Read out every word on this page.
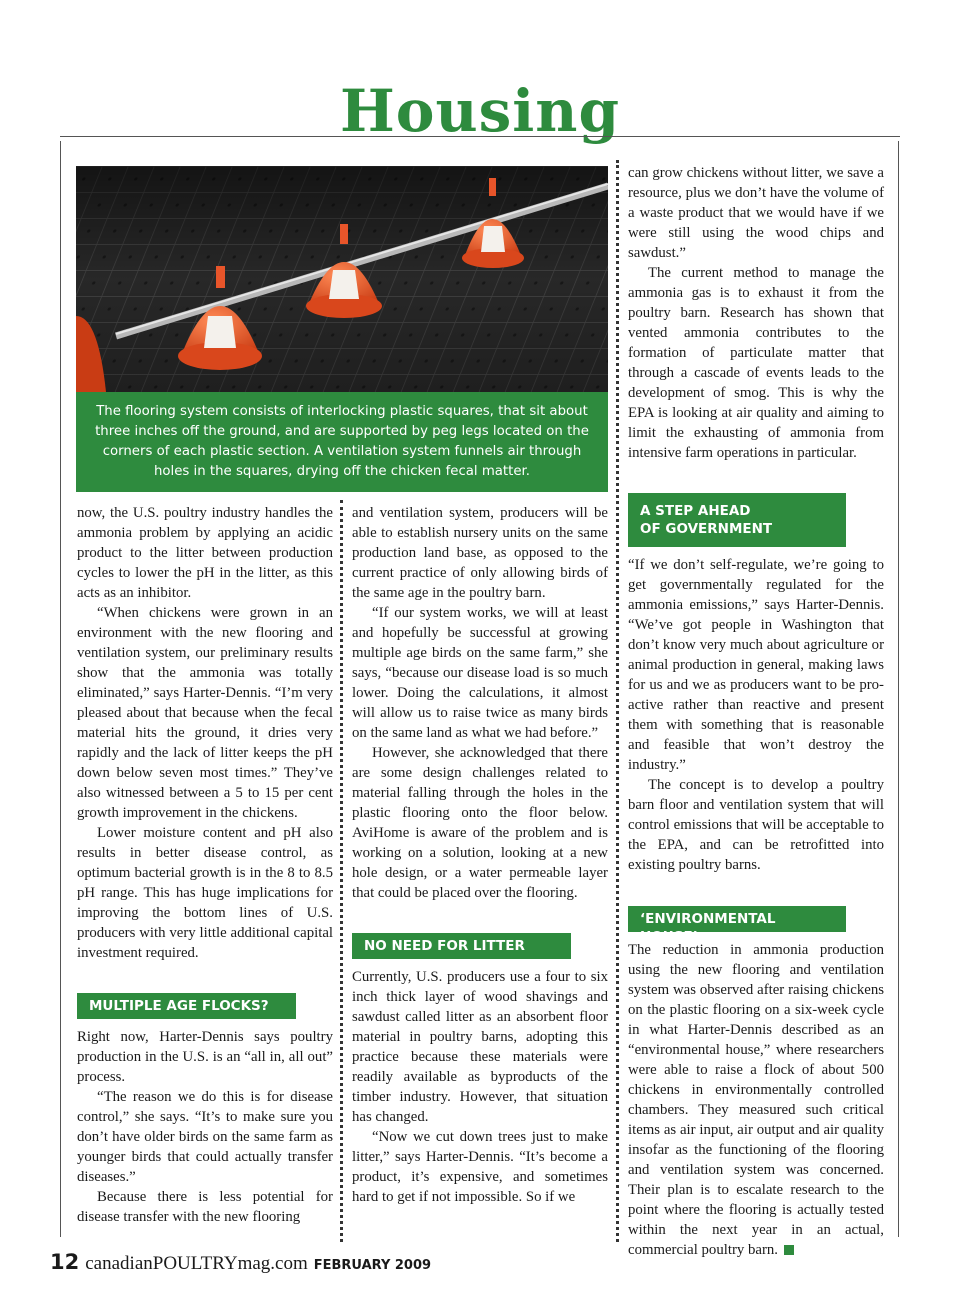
Housing
The flooring system consists of interlocking plastic squares, that sit about three inches off the ground, and are supported by peg legs located on the corners of each plastic section. A ventilation system funnels air through holes in the squares, drying off the chicken fecal matter.

now, the U.S. poultry industry handles the ammonia problem by applying an acidic product to the litter between production cycles to lower the pH in the litter, as this acts as an inhibitor.

“When chickens were grown in an environment with the new flooring and ventilation system, our preliminary results show that the ammonia was totally eliminated,” says Harter-Dennis. “I’m very pleased about that because when the fecal material hits the ground, it dries very rapidly and the lack of litter keeps the pH down below seven most times.” They’ve also witnessed between a 5 to 15 per cent growth improvement in the chickens.

Lower moisture content and pH also results in better disease control, as optimum bacterial growth is in the 8 to 8.5 pH range. This has huge implications for improving the bottom lines of U.S. producers with very little additional capital investment required.

MULTIPLE AGE FLOCKS?

Right now, Harter-Dennis says poultry production in the U.S. is an “all in, all out” process.

“The reason we do this is for disease control,” she says. “It’s to make sure you don’t have older birds on the same farm as younger birds that could actually transfer diseases.”

Because there is less potential for disease transfer with the new flooring

and ventilation system, producers will be able to establish nursery units on the same production land base, as opposed to the current practice of only allowing birds of the same age in the poultry barn.

“If our system works, we will at least and hopefully be successful at growing multiple age birds on the same farm,” she says, “because our disease load is so much lower. Doing the calculations, it almost will allow us to raise twice as many birds on the same land as what we had before.”

However, she acknowledged that there are some design challenges related to material falling through the holes in the plastic flooring onto the floor below. AviHome is aware of the problem and is working on a solution, looking at a new hole design, or a water permeable layer that could be placed over the flooring.

NO NEED FOR LITTER

Currently, U.S. producers use a four to six inch thick layer of wood shavings and sawdust called litter as an absorbent floor material in poultry barns, adopting this practice because these materials were readily available as byproducts of the timber industry. However, that situation has changed.

“Now we cut down trees just to make litter,” says Harter-Dennis. “It’s become a product, it’s expensive, and sometimes hard to get if not impossible. So if we

can grow chickens without litter, we save a resource, plus we don’t have the volume of a waste product that we would have if we were still using the wood chips and sawdust.”

The current method to manage the ammonia gas is to exhaust it from the poultry barn. Research has shown that vented ammonia contributes to the formation of particulate matter that through a cascade of events leads to the development of smog. This is why the EPA is looking at air quality and aiming to limit the exhausting of ammonia from intensive farm operations in particular.

A STEP AHEAD
OF GOVERNMENT

“If we don’t self-regulate, we’re going to get governmentally regulated for the ammonia emissions,” says Harter-Dennis. “We’ve got people in Washington that don’t know very much about agriculture or animal production in general, making laws for us and we as producers want to be pro-active rather than reactive and present them with something that is reasonable and feasible that won’t destroy the industry.”

The concept is to develop a poultry barn floor and ventilation system that will control emissions that will be acceptable to the EPA, and can be retrofitted into existing poultry barns.

‘ENVIRONMENTAL HOUSE’

The reduction in ammonia production using the new flooring and ventilation system was observed after raising chickens on the plastic flooring on a six-week cycle in what Harter-Dennis described as an “environmental house,” where researchers were able to raise a flock of about 500 chickens in environmentally controlled chambers. They measured such critical items as air input, air output and air quality insofar as the functioning of the flooring and ventilation system was concerned. Their plan is to escalate research to the point where the flooring is actually tested within the next year in an actual, commercial poultry barn.

12 canadianPOULTRYmag.com FEBRUARY 2009
